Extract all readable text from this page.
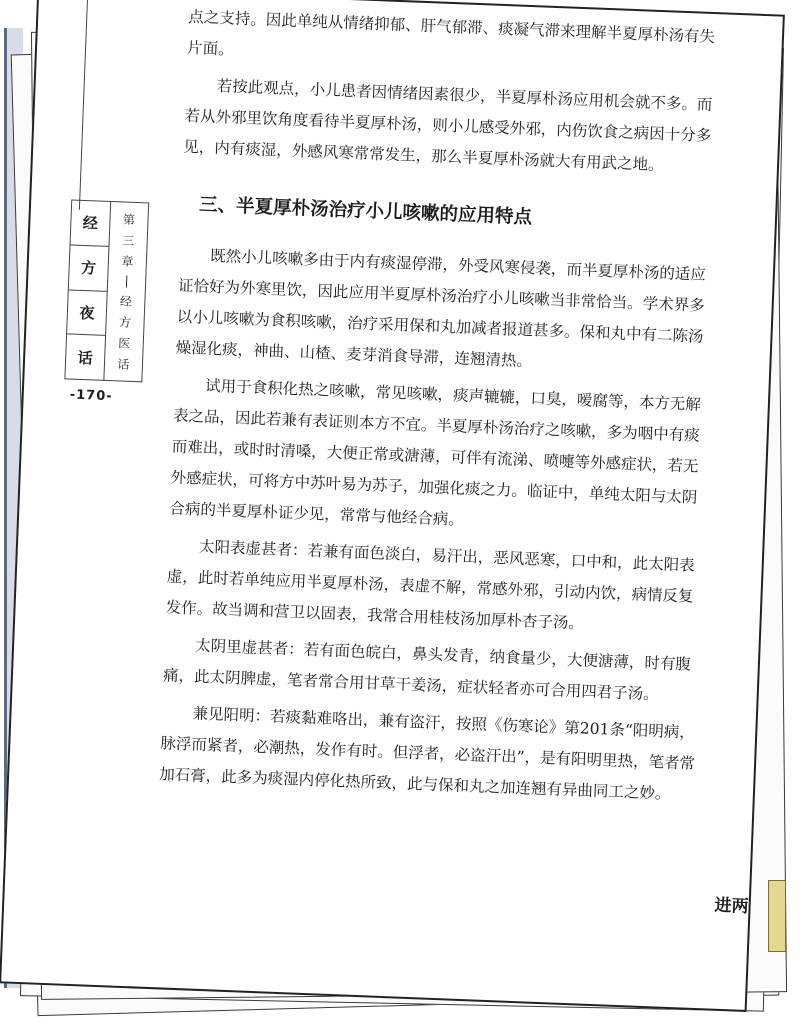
经
方
夜
话
第
三
章
|
经
方
医
话
-170-

点之支持。因此单纯从情绪抑郁、肝气郁滞、痰凝气滞来理解半夏厚朴汤有失片面。

若按此观点，小儿患者因情绪因素很少，半夏厚朴汤应用机会就不多。而若从外邪里饮角度看待半夏厚朴汤，则小儿感受外邪，内伤饮食之病因十分多见，内有痰湿，外感风寒常常发生，那么半夏厚朴汤就大有用武之地。

三、半夏厚朴汤治疗小儿咳嗽的应用特点

既然小儿咳嗽多由于内有痰湿停滞，外受风寒侵袭，而半夏厚朴汤的适应证恰好为外寒里饮，因此应用半夏厚朴汤治疗小儿咳嗽当非常恰当。学术界多以小儿咳嗽为食积咳嗽，治疗采用保和丸加减者报道甚多。保和丸中有二陈汤燥湿化痰，神曲、山楂、麦芽消食导滞，连翘清热。

试用于食积化热之咳嗽，常见咳嗽，痰声辘辘，口臭，嗳腐等，本方无解表之品，因此若兼有表证则本方不宜。半夏厚朴汤治疗之咳嗽，多为咽中有痰而难出，或时时清嗓，大便正常或溏薄，可伴有流涕、喷嚏等外感症状，若无外感症状，可将方中苏叶易为苏子，加强化痰之力。临证中，单纯太阳与太阴合病的半夏厚朴证少见，常常与他经合病。

太阳表虚甚者：若兼有面色淡白，易汗出，恶风恶寒，口中和，此太阳表虚，此时若单纯应用半夏厚朴汤，表虚不解，常感外邪，引动内饮，病情反复发作。故当调和营卫以固表，我常合用桂枝汤加厚朴杏子汤。

太阴里虚甚者：若有面色皖白，鼻头发青，纳食量少，大便溏薄，时有腹痛，此太阴脾虚，笔者常合用甘草干姜汤，症状轻者亦可合用四君子汤。

兼见阳明：若痰黏难咯出，兼有盗汗，按照《伤寒论》第201条“阳明病，脉浮而紧者，必潮热，发作有时。但浮者，必盗汗出”，是有阳明里热，笔者常加石膏，此多为痰湿内停化热所致，此与保和丸之加连翘有异曲同工之妙。

进两
